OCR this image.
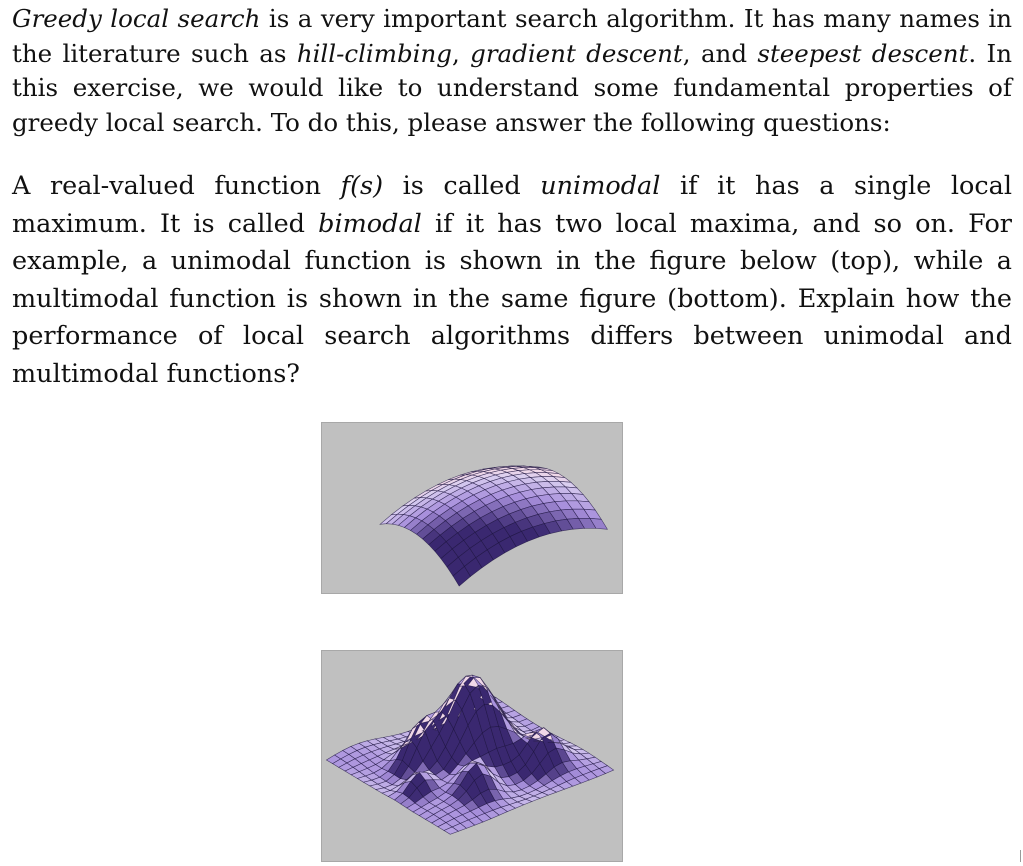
Greedy local search is a very important search algorithm. It has many names in the literature such as hill-climbing, gradient descent, and steepest descent. In this exercise, we would like to understand some fundamental properties of greedy local search. To do this, please answer the following questions:

A real-valued function f(s) is called unimodal if it has a single local maximum. It is called bimodal if it has two local maxima, and so on. For example, a unimodal function is shown in the figure below (top), while a multimodal function is shown in the same figure (bottom). Explain how the performance of local search algorithms differs between unimodal and multimodal functions?
